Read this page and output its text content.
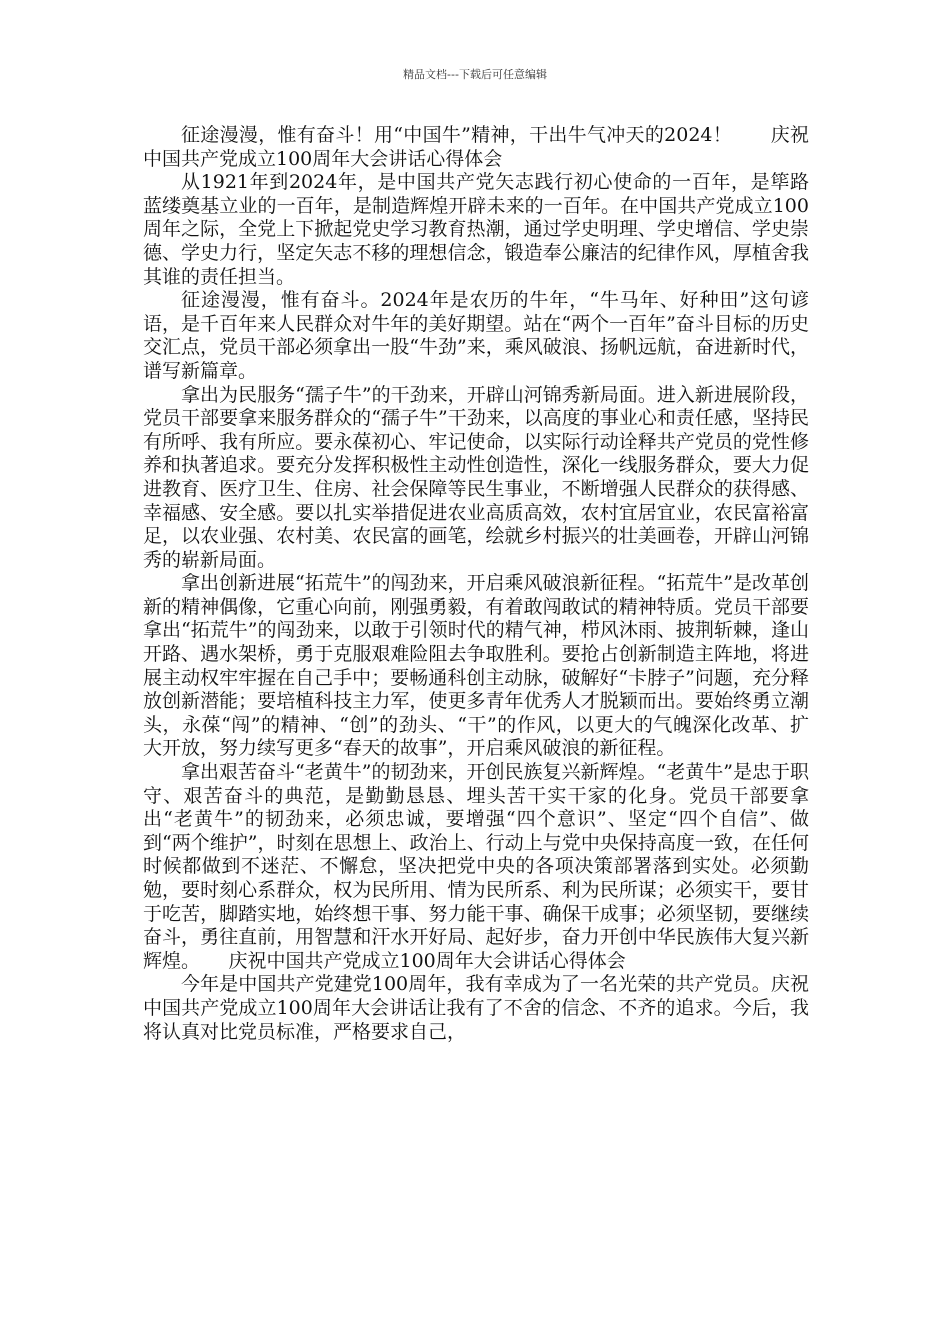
精品文档---下载后可任意编辑

征途漫漫，惟有奋斗！用“中国牛”精神，干出牛气冲天的2024！　　庆祝中国共产党成立100周年大会讲话心得体会

从1921年到2024年，是中国共产党矢志践行初心使命的一百年，是筚路蓝缕奠基立业的一百年，是制造辉煌开辟未来的一百年。在中国共产党成立100周年之际，全党上下掀起党史学习教育热潮，通过学史明理、学史增信、学史崇德、学史力行，坚定矢志不移的理想信念，锻造奉公廉洁的纪律作风，厚植舍我其谁的责任担当。

征途漫漫，惟有奋斗。2024年是农历的牛年，“牛马年、好种田”这句谚语，是千百年来人民群众对牛年的美好期望。站在“两个一百年”奋斗目标的历史交汇点，党员干部必须拿出一股“牛劲”来，乘风破浪、扬帆远航，奋进新时代，谱写新篇章。

拿出为民服务“孺子牛”的干劲来，开辟山河锦秀新局面。进入新进展阶段，党员干部要拿来服务群众的“孺子牛”干劲来，以高度的事业心和责任感，坚持民有所呼、我有所应。要永葆初心、牢记使命，以实际行动诠释共产党员的党性修养和执著追求。要充分发挥积极性主动性创造性，深化一线服务群众，要大力促进教育、医疗卫生、住房、社会保障等民生事业，不断增强人民群众的获得感、幸福感、安全感。要以扎实举措促进农业高质高效，农村宜居宜业，农民富裕富足，以农业强、农村美、农民富的画笔，绘就乡村振兴的壮美画卷，开辟山河锦秀的崭新局面。

拿出创新进展“拓荒牛”的闯劲来，开启乘风破浪新征程。“拓荒牛”是改革创新的精神偶像，它重心向前，刚强勇毅，有着敢闯敢试的精神特质。党员干部要拿出“拓荒牛”的闯劲来，以敢于引领时代的精气神，栉风沐雨、披荆斩棘，逢山开路、遇水架桥，勇于克服艰难险阻去争取胜利。要抢占创新制造主阵地，将进展主动权牢牢握在自己手中；要畅通科创主动脉，破解好“卡脖子”问题，充分释放创新潜能；要培植科技主力军，使更多青年优秀人才脱颖而出。要始终勇立潮头，永葆“闯”的精神、“创”的劲头、“干”的作风，以更大的气魄深化改革、扩大开放，努力续写更多“春天的故事”，开启乘风破浪的新征程。

拿出艰苦奋斗“老黄牛”的韧劲来，开创民族复兴新辉煌。“老黄牛”是忠于职守、艰苦奋斗的典范，是勤勤恳恳、埋头苦干实干家的化身。党员干部要拿出“老黄牛”的韧劲来，必须忠诚，要增强“四个意识”、坚定“四个自信”、做到“两个维护”，时刻在思想上、政治上、行动上与党中央保持高度一致，在任何时候都做到不迷茫、不懈怠，坚决把党中央的各项决策部署落到实处。必须勤勉，要时刻心系群众，权为民所用、情为民所系、利为民所谋；必须实干，要甘于吃苦，脚踏实地，始终想干事、努力能干事、确保干成事；必须坚韧，要继续奋斗，勇往直前，用智慧和汗水开好局、起好步，奋力开创中华民族伟大复兴新辉煌。　　庆祝中国共产党成立100周年大会讲话心得体会

今年是中国共产党建党100周年，我有幸成为了一名光荣的共产党员。庆祝中国共产党成立100周年大会讲话让我有了不舍的信念、不齐的追求。今后，我将认真对比党员标准，严格要求自己，
